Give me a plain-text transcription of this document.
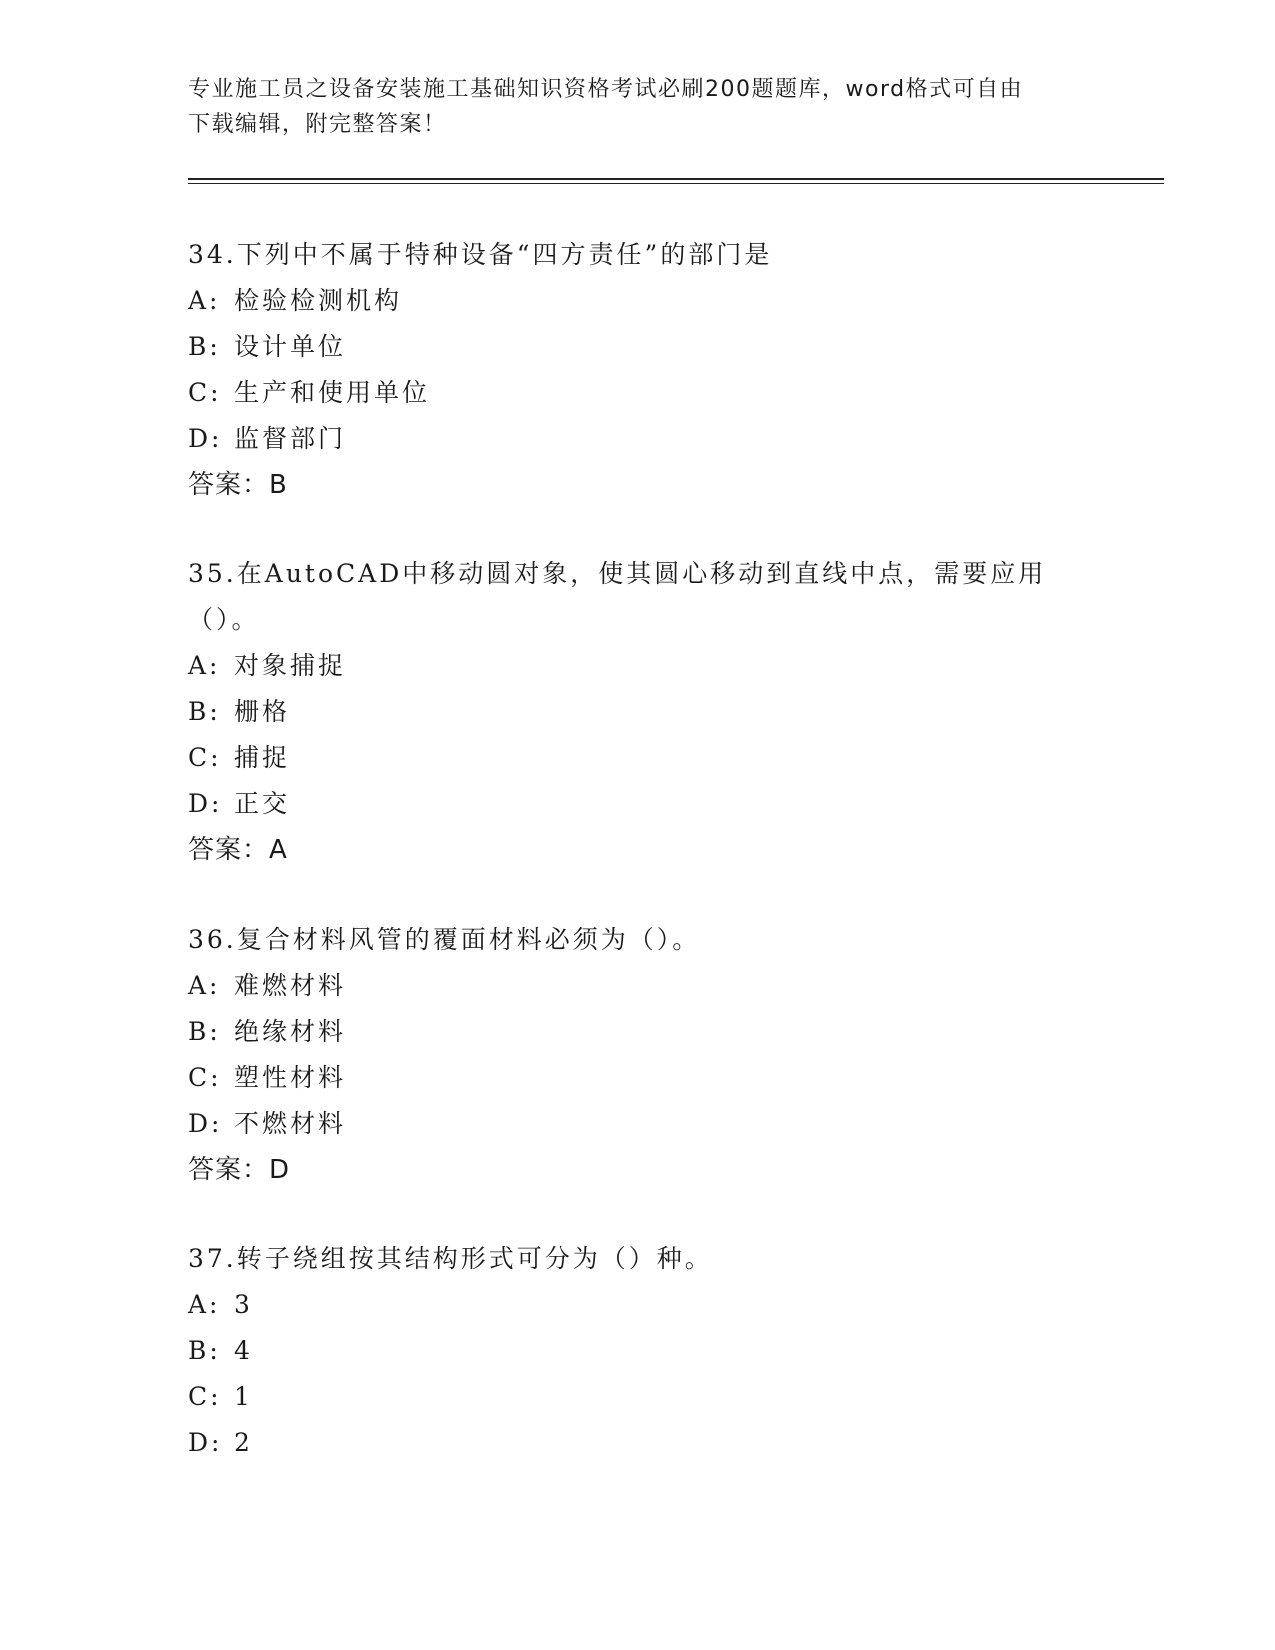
专业施工员之设备安装施工基础知识资格考试必刷200题题库，word格式可自由
下载编辑，附完整答案！
34.下列中不属于特种设备“四方责任”的部门是
A: 检验检测机构
B: 设计单位
C: 生产和使用单位
D: 监督部门
答案：B
35.在AutoCAD中移动圆对象，使其圆心移动到直线中点，需要应用（）。
A: 对象捕捉
B: 栅格
C: 捕捉
D: 正交
答案：A
36.复合材料风管的覆面材料必须为（）。
A: 难燃材料
B: 绝缘材料
C: 塑性材料
D: 不燃材料
答案：D
37.转子绕组按其结构形式可分为（）种。
A: 3
B: 4
C: 1
D: 2
